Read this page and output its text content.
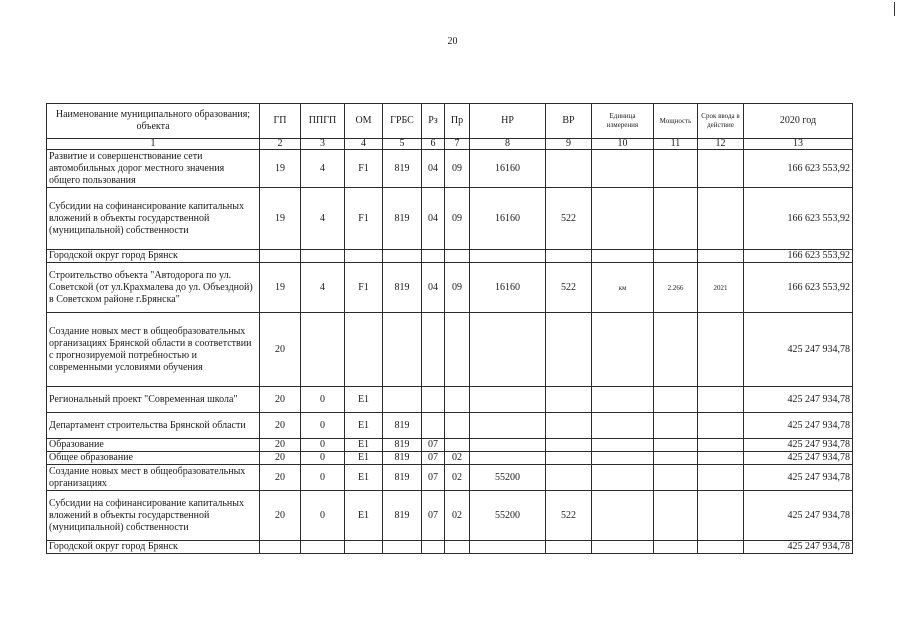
20
Наименование муниципального образования; объекта	ГП	ППГП	ОМ	ГРБС	Рз	Пр	НР	ВР	Единица измерения	Мощность	Срок ввода в действие	2020 год
1	2	3	4	5	6	7	8	9	10	11	12	13
Развитие и совершенствование сети автомобильных дорог местного значения общего пользования	19	4	F1	819	04	09	16160					166 623 553,92
Субсидии на софинансирование капитальных вложений в объекты государственной (муниципальной) собственности	19	4	F1	819	04	09	16160	522				166 623 553,92
Городской округ город Брянск												166 623 553,92
Строительство объекта "Автодорога по ул. Советской (от ул.Крахмалева до ул. Объездной) в Советском районе г.Брянска"	19	4	F1	819	04	09	16160	522	км	2.266	2021	166 623 553,92
Создание новых мест в общеобразовательных организациях Брянской области в соответствии с прогнозируемой потребностью и современными условиями обучения	20											425 247 934,78
Региональный проект "Современная школа"	20	0	E1									425 247 934,78
Департамент строительства Брянской области	20	0	E1	819								425 247 934,78
Образование	20	0	E1	819	07							425 247 934,78
Общее образование	20	0	E1	819	07	02						425 247 934,78
Создание новых мест в общеобразовательных организациях	20	0	E1	819	07	02	55200					425 247 934,78
Субсидии на софинансирование капитальных вложений в объекты государственной (муниципальной) собственности	20	0	E1	819	07	02	55200	522				425 247 934,78
Городской округ город Брянск												425 247 934,78
